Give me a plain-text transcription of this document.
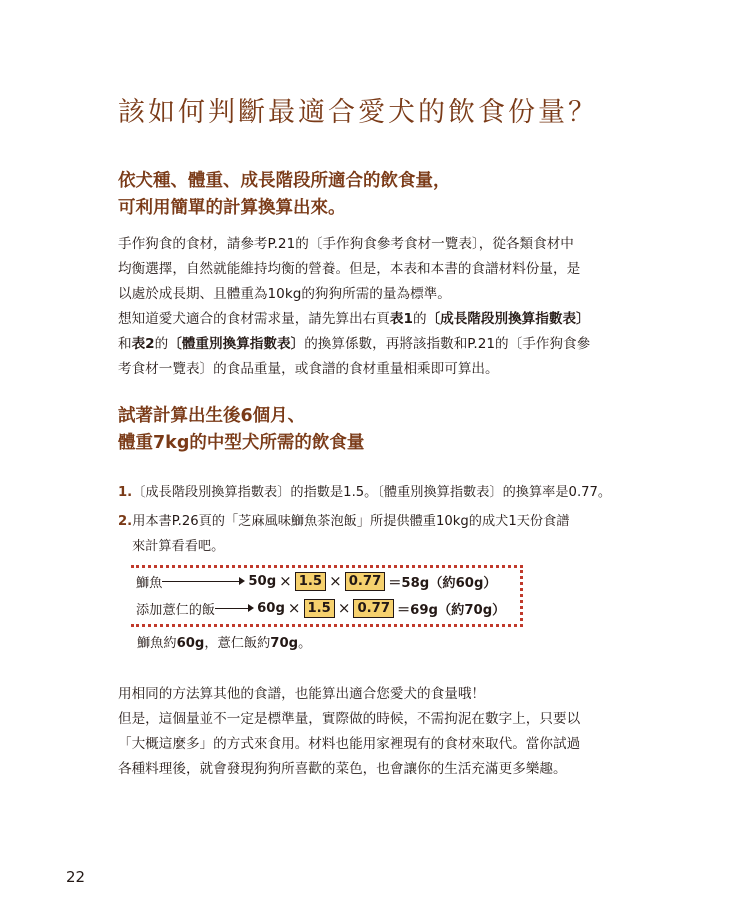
該如何判斷最適合愛犬的飲食份量？
依犬種、體重、成長階段所適合的飲食量，
可利用簡單的計算換算出來。
手作狗食的食材，請參考P.21的〔手作狗食參考食材一覽表〕，從各類食材中
均衡選擇，自然就能維持均衡的營養。但是，本表和本書的食譜材料份量，是
以處於成長期、且體重為10kg的狗狗所需的量為標準。
想知道愛犬適合的食材需求量，請先算出右頁表1的〔成長階段別換算指數表〕
和表2的〔體重別換算指數表〕的換算係數，再將該指數和P.21的〔手作狗食參
考食材一覽表〕的食品重量，或食譜的食材重量相乘即可算出。
試著計算出生後6個月、
體重7kg的中型犬所需的飲食量
1.〔成長階段別換算指數表〕的指數是1.5。〔體重別換算指數表〕的換算率是0.77。
2.用本書P.26頁的「芝麻風味鰤魚茶泡飯」所提供體重10kg的成犬1天份食譜
來計算看看吧。
鰤魚	50g × 1.5 × 0.77 ＝58g（約60g）
添加薏仁的飯	60g × 1.5 × 0.77 ＝69g（約70g）
鰤魚約60g，薏仁飯約70g。
用相同的方法算其他的食譜，也能算出適合您愛犬的食量哦！
但是，這個量並不一定是標準量，實際做的時候，不需拘泥在數字上，只要以
「大概這麼多」的方式來食用。材料也能用家裡現有的食材來取代。當你試過
各種料理後，就會發現狗狗所喜歡的菜色，也會讓你的生活充滿更多樂趣。
22
